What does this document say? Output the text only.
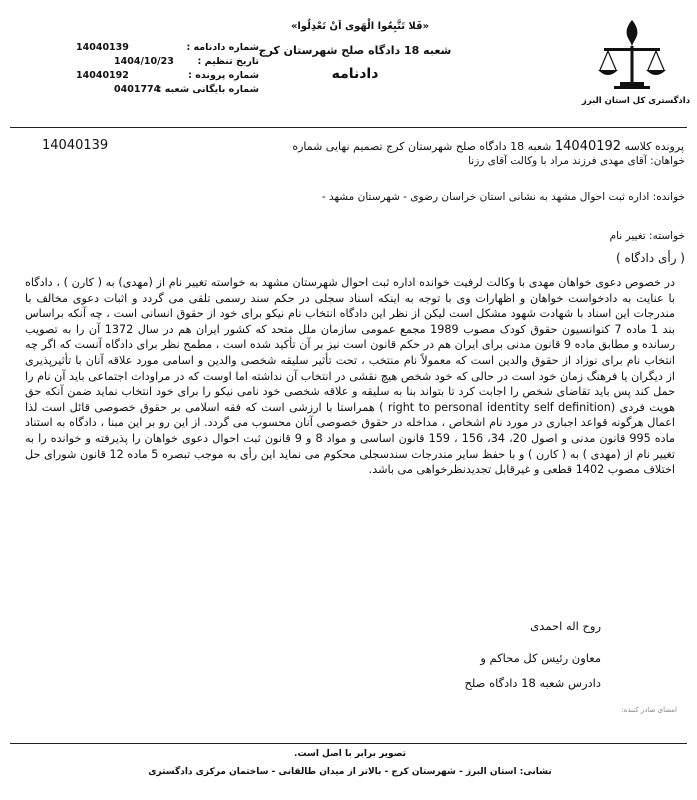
«فَلا تَتَّبِعُوا الْهَوى اَنْ تَعْدِلُوا»
دادگستری کل استان البرز
شعبه 18 دادگاه صلح شهرستان کرج
دادنامه
شماره دادنامه :
14040139
تاریخ تنظیم :
1404/10/23
شماره پرونده :
14040192
شماره بایگانی شعبه :
0401774
14040139	پرونده کلاسه 14040192 شعبه 18 دادگاه صلح شهرستان کرج تصمیم نهایی شماره
خواهان: آقای مهدی فرزند مراد با وکالت آقای رزنا
خوانده: اداره ثبت احوال مشهد به نشانی استان خراسان رضوی - شهرستان مشهد -
خواسته: تغییر نام
( رأی دادگاه )

در خصوص دعوی خواهان مهدی با وکالت لرفیت خوانده اداره ثبت احوال شهرستان مشهد به خواسته تغییر نام از (مهدی) به ( کارن ) ، دادگاه با عنایت به دادخواست خواهان و اظهارات وی با توجه به اینکه اسناد سجلی در حکم سند رسمی تلقی می گردد و اثبات دعوی مخالف با مندرجات این اسناد با شهادت شهود مشکل است لیکن از نظر این دادگاه انتخاب نام نیکو برای خود از حقوق انسانی است ، چه آنکه براساس بند 1 ماده 7 کنوانسیون حقوق کودک مصوب 1989 مجمع عمومی سازمان ملل متحد که کشور ایران هم در سال 1372 آن را به تصویب رسانده و مطابق ماده 9 قانون مدنی برای ایران هم در حکم قانون است نیز بر آن تأکید شده است ، مطمح نظر برای دادگاه آنست که اگر چه انتخاب نام برای نوزاد از حقوق والدین است که معمولاً نام منتخب ، تحت تأثیر سلیقه شخصی والدین و اسامی مورد علاقه آنان با تأثیرپذیری از دیگران یا فرهنگ زمان خود است در حالی که خود شخص هیچ نقشی در انتخاب آن نداشته اما اوست که در مراودات اجتماعی باید آن نام را حمل کند پس باید تقاضای شخص را اجابت کرد تا بتواند بنا به سلیقه و علاقه شخصی خود نامی نیکو را برای خود انتخاب نماید ضمن آنکه حق هویت فردی (right to personal identity self definition ) همراستا با ارزشی است که فقه اسلامی بر حقوق خصوصی قائل است لذا اعمال هرگونه قواعد اجباری در مورد نام اشخاص ، مداخله در حقوق خصوصی آنان محسوب می گردد. از این رو بر این مبنا ، دادگاه به استناد ماده 995 قانون مدنی و اصول 20، 34، 156 ، 159 قانون اساسی و مواد 8 و 9 قانون ثبت احوال دعوی خواهان را پذیرفته و خوانده را به تغییر نام از (مهدی ) به ( کارن ) و با حفظ سایر مندرجات سندسجلی محکوم می نماید این رأی به موجب تبصره 5 ماده 12 قانون شورای حل اختلاف مصوب 1402 قطعی و غیرقابل تجدیدنظرخواهی می باشد.

روح اله احمدی
معاون رئیس کل محاکم و
دادرس شعبه 18 دادگاه صلح
امضای صادر کننده:
تصویر برابر با اصل است.
نشانی: استان البرز - شهرستان کرج - بالاتر از میدان طالقانی - ساختمان مرکزی دادگستری
